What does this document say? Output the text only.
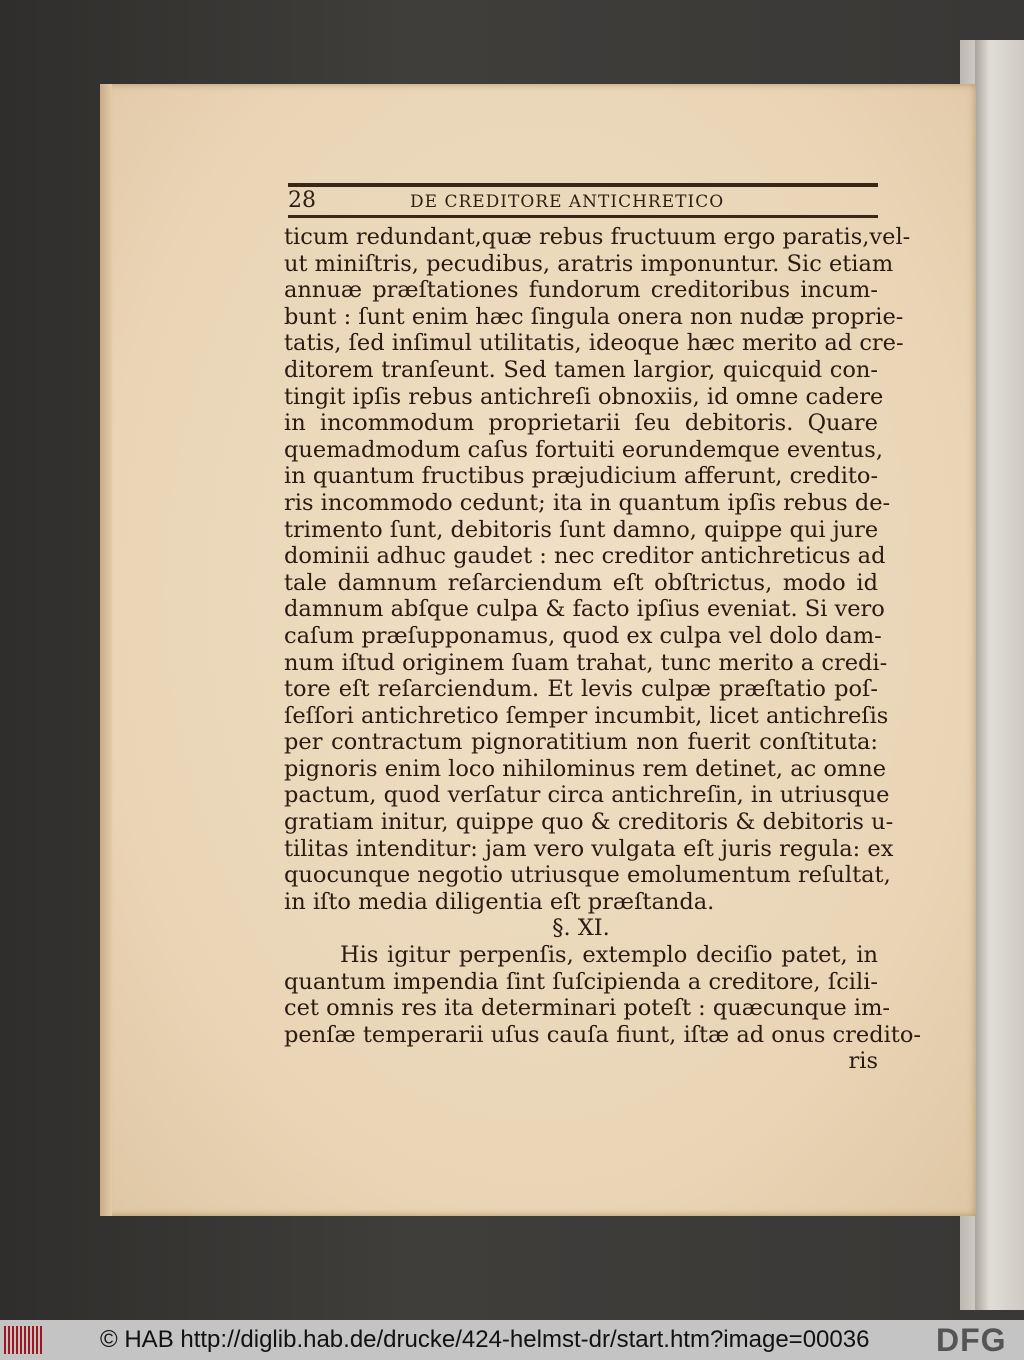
28	DE CREDITORE ANTICHRETICO
ticum redundant,quæ rebus fructuum ergo paratis,vel-
ut miniſtris, pecudibus, aratris imponuntur. Sic etiam
annuæ præſtationes fundorum creditoribus incum-
bunt : ſunt enim hæc ſingula onera non nudæ proprie-
tatis, ſed inſimul utilitatis, ideoque hæc merito ad cre-
ditorem tranſeunt. Sed tamen largior, quicquid con-
tingit ipſis rebus antichreſi obnoxiis, id omne cadere
in incommodum proprietarii ſeu debitoris. Quare
quemadmodum caſus fortuiti eorundemque eventus,
in quantum fructibus præjudicium afferunt, credito-
ris incommodo cedunt; ita in quantum ipſis rebus de-
trimento ſunt, debitoris ſunt damno, quippe qui jure
dominii adhuc gaudet : nec creditor antichreticus ad
tale damnum reſarciendum eſt obſtrictus, modo id
damnum abſque culpa & facto ipſius eveniat. Si vero
caſum præſupponamus, quod ex culpa vel dolo dam-
num iſtud originem ſuam trahat, tunc merito a credi-
tore eſt reſarciendum. Et levis culpæ præſtatio poſ-
ſeſſori antichretico ſemper incumbit, licet antichreſis
per contractum pignoratitium non fuerit conſtituta:
pignoris enim loco nihilominus rem detinet, ac omne
pactum, quod verſatur circa antichreſin, in utriusque
gratiam initur, quippe quo & creditoris & debitoris u-
tilitas intenditur: jam vero vulgata eſt juris regula: ex
quocunque negotio utriusque emolumentum reſultat,
in iſto media diligentia eſt præſtanda.
§. XI.
His igitur perpenſis, extemplo deciſio patet, in
quantum impendia ſint ſuſcipienda a creditore, ſcili-
cet omnis res ita determinari poteſt : quæcunque im-
penſæ temperarii uſus cauſa fiunt, iſtæ ad onus credito-
ris
© HAB http://diglib.hab.de/drucke/424-helmst-dr/start.htm?image=00036 DFG
